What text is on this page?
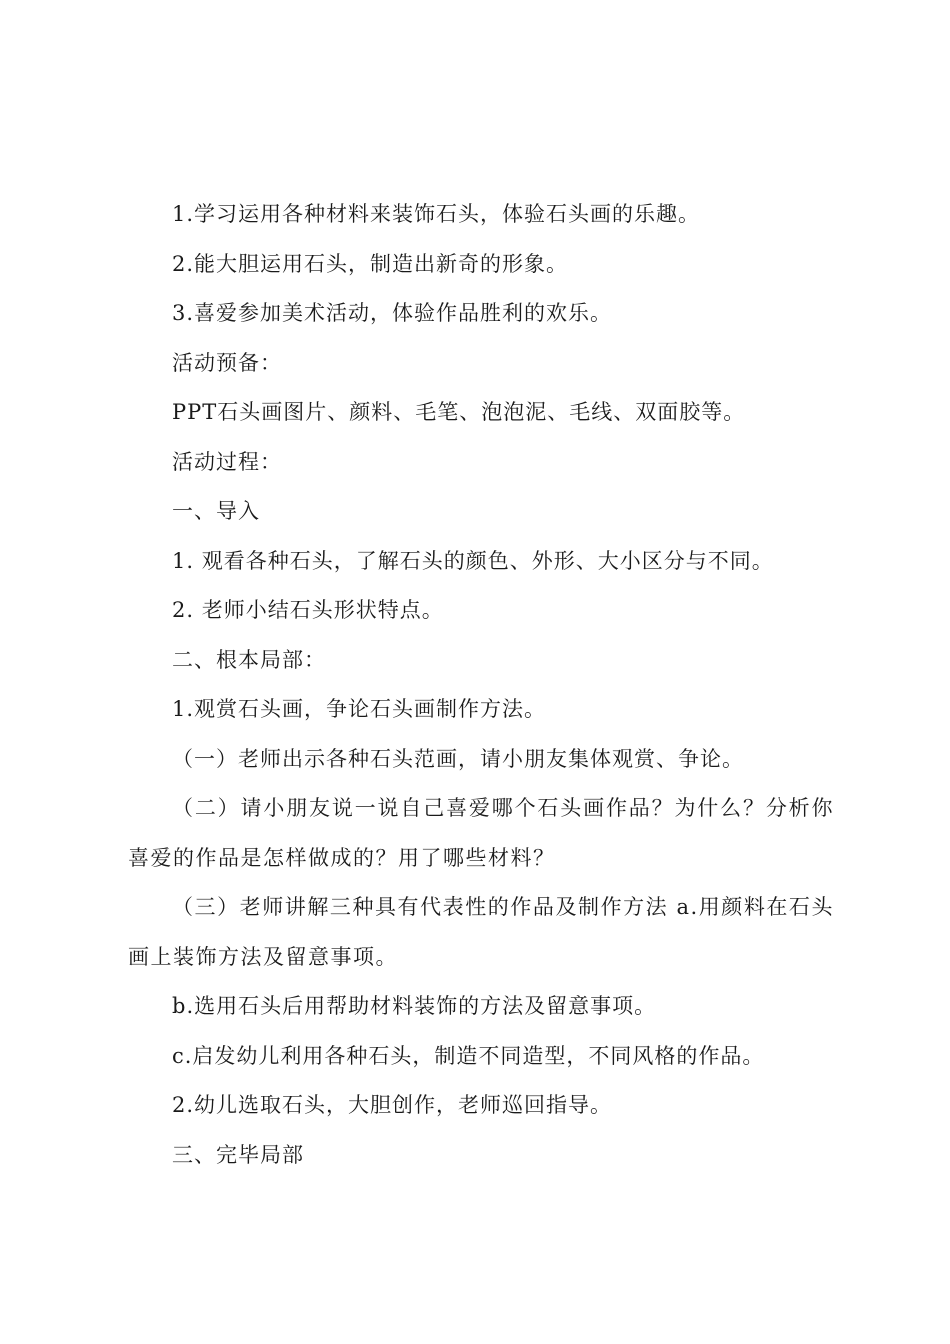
1.学习运用各种材料来装饰石头，体验石头画的乐趣。

2.能大胆运用石头，制造出新奇的形象。

3.喜爱参加美术活动，体验作品胜利的欢乐。

活动预备：

PPT石头画图片、颜料、毛笔、泡泡泥、毛线、双面胶等。

活动过程：

一、导入

1. 观看各种石头，了解石头的颜色、外形、大小区分与不同。

2. 老师小结石头形状特点。

二、根本局部：

1.观赏石头画，争论石头画制作方法。

（一）老师出示各种石头范画，请小朋友集体观赏、争论。

（二）请小朋友说一说自己喜爱哪个石头画作品？为什么？分析你喜爱的作品是怎样做成的？用了哪些材料？

（三）老师讲解三种具有代表性的作品及制作方法 a.用颜料在石头画上装饰方法及留意事项。

b.选用石头后用帮助材料装饰的方法及留意事项。

c.启发幼儿利用各种石头，制造不同造型，不同风格的作品。

2.幼儿选取石头，大胆创作，老师巡回指导。

三、完毕局部
